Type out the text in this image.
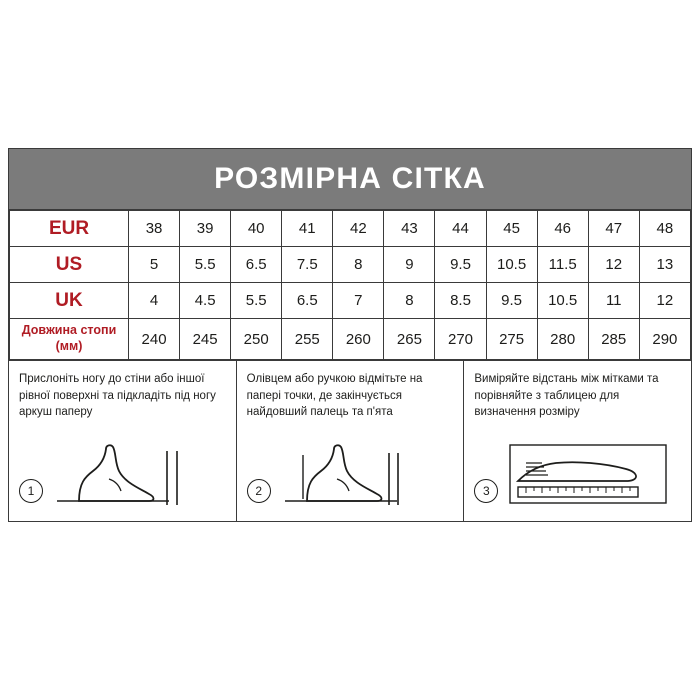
РОЗМІРНА СІТКА
EUR	38	39	40	41	42	43	44	45	46	47	48
US	5	5.5	6.5	7.5	8	9	9.5	10.5	11.5	12	13
UK	4	4.5	5.5	6.5	7	8	8.5	9.5	10.5	11	12
Довжина стопи (мм)	240	245	250	255	260	265	270	275	280	285	290
Прислоніть ногу до стіни або іншої рівної поверхні та підкладіть під ногу аркуш паперу
1
Олівцем або ручкою відмітьте на папері точки, де закінчується найдовший палець та п'ята
2
Виміряйте відстань між мітками та порівняйте з таблицею для визначення розміру
3
